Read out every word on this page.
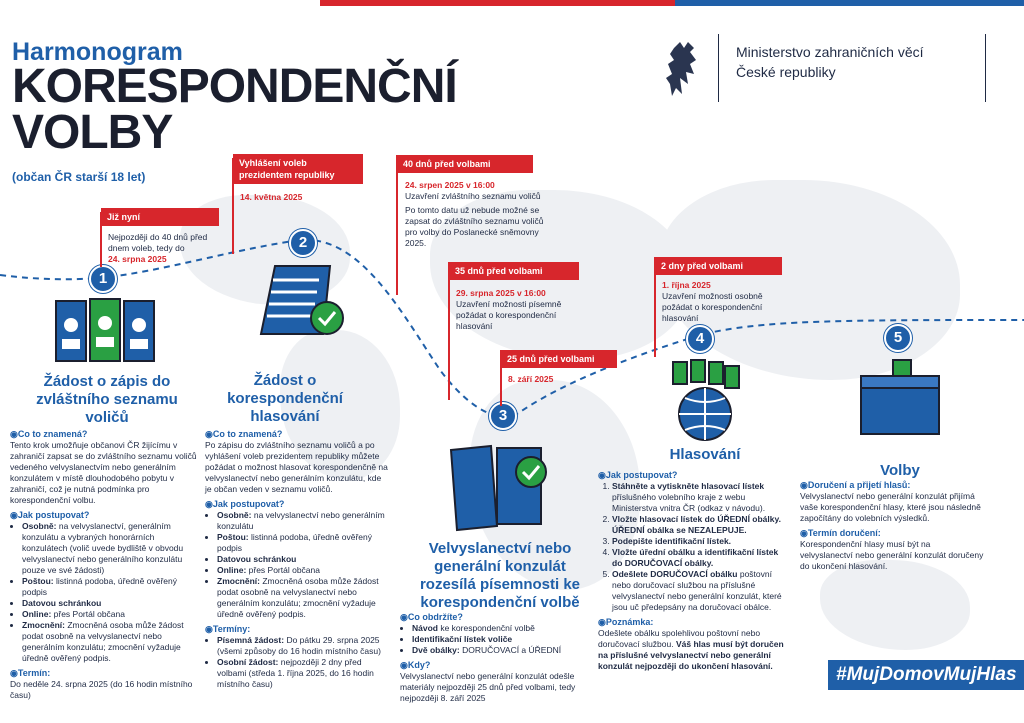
Harmonogram
KORESPONDENČNÍ
VOLBY
(občan ČR starší 18 let)
Ministerstvo zahraničních věcí
České republiky
1
2
3
4	5
Již nyní
Nejpozději do 40 dnů před dnem voleb, tedy do
24. srpna 2025
Vyhlášení voleb prezidentem republiky
14. května 2025
40 dnů před volbami
24. srpen 2025 v 16:00
Uzavření zvláštního seznamu voličů

Po tomto datu už nebude možné se zapsat do zvláštního seznamu voličů pro volby do Poslanecké sněmovny 2025.
35 dnů před volbami
29. srpna 2025 v 16:00
Uzavření možnosti písemně požádat o korespondenční hlasování
25 dnů před volbami
8. září 2025
2 dny před volbami
1. října 2025
Uzavření možnosti osobně požádat o korespondenční hlasování
Žádost o zápis do zvláštního seznamu voličů
◉ Co to znamená?
Tento krok umožňuje občanovi ČR žijícímu v zahraničí zapsat se do zvláštního seznamu voličů vedeného velvyslanectvím nebo generálním konzulátem v místě dlouhodobého pobytu v zahraničí, což je nutná podmínka pro korespondenční volbu.
◉ Jak postupovat?
• Osobně: na velvyslanectví, generálním konzulátu a vybraných honorárních konzulátech (volič uvede bydliště v obvodu velvyslanectví nebo generálního konzulátu pouze ve své žádosti)
• Poštou: listinná podoba, úředně ověřený podpis
• Datovou schránkou
• Online: přes Portál občana
• Zmocnění: Zmocněná osoba může žádost podat osobně na velvyslanectví nebo generálním konzulátu; zmocnění vyžaduje úředně ověřený podpis.
◉ Termín:
Do neděle 24. srpna 2025 (do 16 hodin místního času)
Žádost o korespondenční hlasování
◉ Co to znamená?
Po zápisu do zvláštního seznamu voličů a po vyhlášení voleb prezidentem republiky můžete požádat o možnost hlasovat korespondenčně na velvyslanectví nebo generálním konzulátu, kde je občan veden v seznamu voličů.
◉ Jak postupovat?
• Osobně: na velvyslanectví nebo generálním konzulátu
• Poštou: listinná podoba, úředně ověřený podpis
• Datovou schránkou
• Online: přes Portál občana
• Zmocnění: Zmocněná osoba může žádost podat osobně na velvyslanectví nebo generálním konzulátu; zmocnění vyžaduje úředně ověřený podpis.
◉ Termíny:
• Písemná žádost: Do pátku 29. srpna 2025 (všemi způsoby do 16 hodin místního času)
• Osobní žádost: nejpozději 2 dny před volbami (středa 1. října 2025, do 16 hodin místního času)
Velvyslanectví nebo generální konzulát rozesílá písemnosti ke korespondenční volbě
◉ Co obdržíte?
• Návod ke korespondenční volbě
• Identifikační lístek voliče
• Dvě obálky: DORUČOVACÍ a ÚŘEDNÍ
◉ Kdy?
Velvyslanectví nebo generální konzulát odešle materiály nejpozději 25 dnů před volbami, tedy nejpozději 8. září 2025
Hlasování
◉ Jak postupovat?
1. Stáhněte a vytiskněte hlasovací lístek příslušného volebního kraje z webu Ministerstva vnitra ČR (odkaz v návodu).
2. Vložte hlasovací lístek do ÚŘEDNÍ obálky. ÚŘEDNÍ obálka se NEZALEPUJE.
3. Podepište identifikační lístek.
4. Vložte úřední obálku a identifikační lístek do DORUČOVACÍ obálky.
5. Odešlete DORUČOVACÍ obálku poštovní nebo doručovací službou na příslušné velvyslanectví nebo generální konzulát, které jsou uč předepsány na doručovací obálce.
◉ Poznámka:
Odešlete obálku spolehlivou poštovní nebo doručovací službou. Váš hlas musí být doručen na příslušné velvyslanectví nebo generální konzulát nejpozději do ukončení hlasování.
Volby
◉ Doručení a přijetí hlasů:
Velvyslanectví nebo generální konzulát přijímá vaše korespondenční hlasy, které jsou následně započítány do volebních výsledků.
◉ Termín doručení:
Korespondenční hlasy musí být na velvyslanectví nebo generální konzulát doručeny do ukončení hlasování.
#MujDomovMujHlas
